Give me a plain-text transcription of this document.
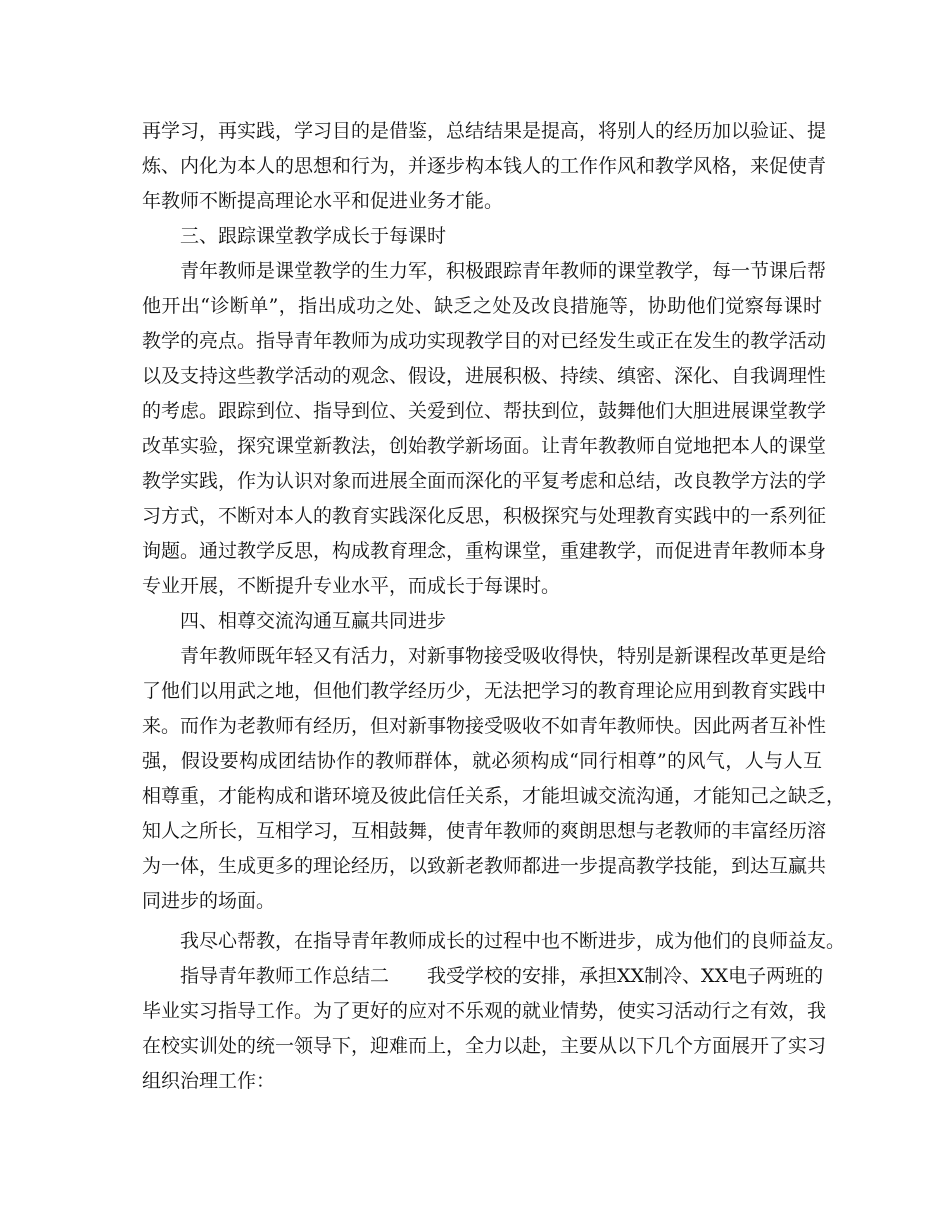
再学习，再实践，学习目的是借鉴，总结结果是提高，将别人的经历加以验证、提
炼、内化为本人的思想和行为，并逐步构本钱人的工作作风和教学风格，来促使青
年教师不断提高理论水平和促进业务才能。
三、跟踪课堂教学成长于每课时
青年教师是课堂教学的生力军，积极跟踪青年教师的课堂教学，每一节课后帮
他开出“诊断单”，指出成功之处、缺乏之处及改良措施等，协助他们觉察每课时
教学的亮点。指导青年教师为成功实现教学目的对已经发生或正在发生的教学活动
以及支持这些教学活动的观念、假设，进展积极、持续、缜密、深化、自我调理性
的考虑。跟踪到位、指导到位、关爱到位、帮扶到位，鼓舞他们大胆进展课堂教学
改革实验，探究课堂新教法，创始教学新场面。让青年教教师自觉地把本人的课堂
教学实践，作为认识对象而进展全面而深化的平复考虑和总结，改良教学方法的学
习方式，不断对本人的教育实践深化反思，积极探究与处理教育实践中的一系列征
询题。通过教学反思，构成教育理念，重构课堂，重建教学，而促进青年教师本身
专业开展，不断提升专业水平，而成长于每课时。
四、相尊交流沟通互赢共同进步
青年教师既年轻又有活力，对新事物接受吸收得快，特别是新课程改革更是给
了他们以用武之地，但他们教学经历少，无法把学习的教育理论应用到教育实践中
来。而作为老教师有经历，但对新事物接受吸收不如青年教师快。因此两者互补性
强，假设要构成团结协作的教师群体，就必须构成“同行相尊”的风气，人与人互
相尊重，才能构成和谐环境及彼此信任关系，才能坦诚交流沟通，才能知己之缺乏，
知人之所长，互相学习，互相鼓舞，使青年教师的爽朗思想与老教师的丰富经历溶
为一体，生成更多的理论经历，以致新老教师都进一步提高教学技能，到达互赢共
同进步的场面。
我尽心帮教，在指导青年教师成长的过程中也不断进步，成为他们的良师益友。
指导青年教师工作总结二　　我受学校的安排，承担XX制冷、XX电子两班的
毕业实习指导工作。为了更好的应对不乐观的就业情势，使实习活动行之有效，我
在校实训处的统一领导下，迎难而上，全力以赴，主要从以下几个方面展开了实习
组织治理工作：
